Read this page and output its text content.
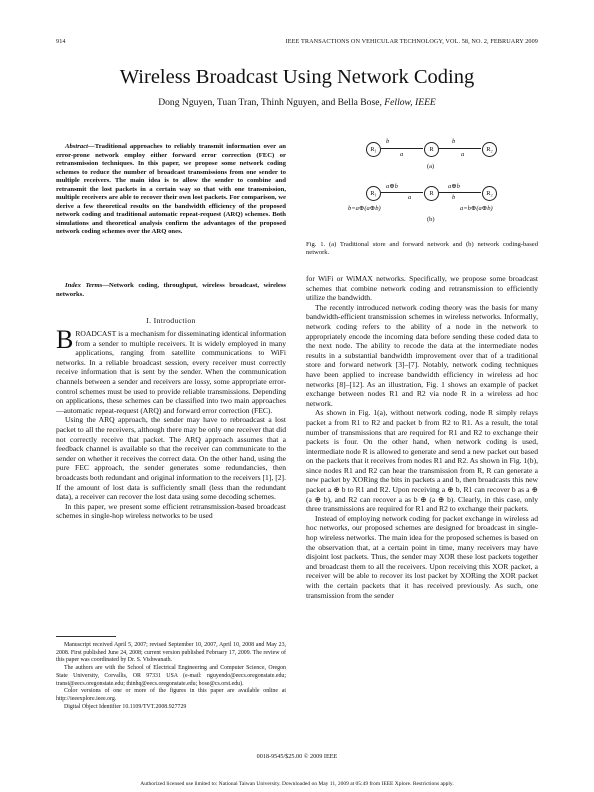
914	IEEE TRANSACTIONS ON VEHICULAR TECHNOLOGY, VOL. 58, NO. 2, FEBRUARY 2009
Wireless Broadcast Using Network Coding
Dong Nguyen, Tuan Tran, Thinh Nguyen, and Bella Bose, Fellow, IEEE
Abstract—Traditional approaches to reliably transmit information over an error-prone network employ either forward error correction (FEC) or retransmission techniques. In this paper, we propose some network coding schemes to reduce the number of broadcast transmissions from one sender to multiple receivers. The main idea is to allow the sender to combine and retransmit the lost packets in a certain way so that with one transmission, multiple receivers are able to recover their own lost packets. For comparison, we derive a few theoretical results on the bandwidth efficiency of the proposed network coding and traditional automatic repeat-request (ARQ) schemes. Both simulations and theoretical analysis confirm the advantages of the proposed network coding schemes over the ARQ ones.
Index Terms—Network coding, throughput, wireless broadcast, wireless networks.
I. Introduction

BROADCAST is a mechanism for disseminating identical information from a sender to multiple receivers. It is widely employed in many applications, ranging from satellite communications to WiFi networks. In a reliable broadcast session, every receiver must correctly receive information that is sent by the sender. When the communication channels between a sender and receivers are lossy, some appropriate error-control schemes must be used to provide reliable transmissions. Depending on applications, these schemes can be classified into two main approaches—automatic repeat-request (ARQ) and forward error correction (FEC).

Using the ARQ approach, the sender may have to rebroadcast a lost packet to all the receivers, although there may be only one receiver that did not correctly receive that packet. The ARQ approach assumes that a feedback channel is available so that the receiver can communicate to the sender on whether it receives the correct data. On the other hand, using the pure FEC approach, the sender generates some redundancies, then broadcasts both redundant and original information to the receivers [1], [2]. If the amount of lost data is sufficiently small (less than the redundant data), a receiver can recover the lost data using some decoding schemes.

In this paper, we present some efficient retransmission-based broadcast schemes in single-hop wireless networks to be used

Manuscript received April 5, 2007; revised September 10, 2007, April 10, 2008 and May 23, 2008. First published June 24, 2008; current version published February 17, 2009. The review of this paper was coordinated by Dr. S. Vishwanath.

The authors are with the School of Electrical Engineering and Computer Science, Oregon State University, Corvallis, OR 97331 USA (e-mail: nguyendo@eecs.oregonstate.edu; transt@eecs.oregonstate.edu; thinhq@eecs.oregonstate.edu; bose@cs.orst.edu).

Color versions of one or more of the figures in this paper are available online at http://ieeexplore.ieee.org.

Digital Object Identifier 10.1109/TVT.2008.927729

R₁	R	R₂
b
a
b
a
(a)
R₁	R	R₂
a⊕b
a
a⊕b
b
b=a⊕(a⊕b)	a=b⊕(a⊕b)
(b)
Fig. 1. (a) Traditional store and forward network and (b) network coding-based network.

for WiFi or WiMAX networks. Specifically, we propose some broadcast schemes that combine network coding and retransmission to efficiently utilize the bandwidth.

The recently introduced network coding theory was the basis for many bandwidth-efficient transmission schemes in wireless networks. Informally, network coding refers to the ability of a node in the network to appropriately encode the incoming data before sending these coded data to the next node. The ability to recode the data at the intermediate nodes results in a substantial bandwidth improvement over that of a traditional store and forward network [3]–[7]. Notably, network coding techniques have been applied to increase bandwidth efficiency in wireless ad hoc networks [8]–[12]. As an illustration, Fig. 1 shows an example of packet exchange between nodes R1 and R2 via node R in a wireless ad hoc network.

As shown in Fig. 1(a), without network coding, node R simply relays packet a from R1 to R2 and packet b from R2 to R1. As a result, the total number of transmissions that are required for R1 and R2 to exchange their packets is four. On the other hand, when network coding is used, intermediate node R is allowed to generate and send a new packet out based on the packets that it receives from nodes R1 and R2. As shown in Fig. 1(b), since nodes R1 and R2 can hear the transmission from R, R can generate a new packet by XORing the bits in packets a and b, then broadcasts this new packet a ⊕ b to R1 and R2. Upon receiving a ⊕ b, R1 can recover b as a ⊕ (a ⊕ b), and R2 can recover a as b ⊕ (a ⊕ b). Clearly, in this case, only three transmissions are required for R1 and R2 to exchange their packets.

Instead of employing network coding for packet exchange in wireless ad hoc networks, our proposed schemes are designed for broadcast in single-hop wireless networks. The main idea for the proposed schemes is based on the observation that, at a certain point in time, many receivers may have disjoint lost packets. Thus, the sender may XOR these lost packets together and broadcast them to all the receivers. Upon receiving this XOR packet, a receiver will be able to recover its lost packet by XORing the XOR packet with the certain packets that it has received previously. As such, one transmission from the sender

0018-9545/$25.00 © 2009 IEEE
Authorized licensed use limited to: National Taiwan University. Downloaded on May 11, 2009 at 05:49 from IEEE Xplore. Restrictions apply.
